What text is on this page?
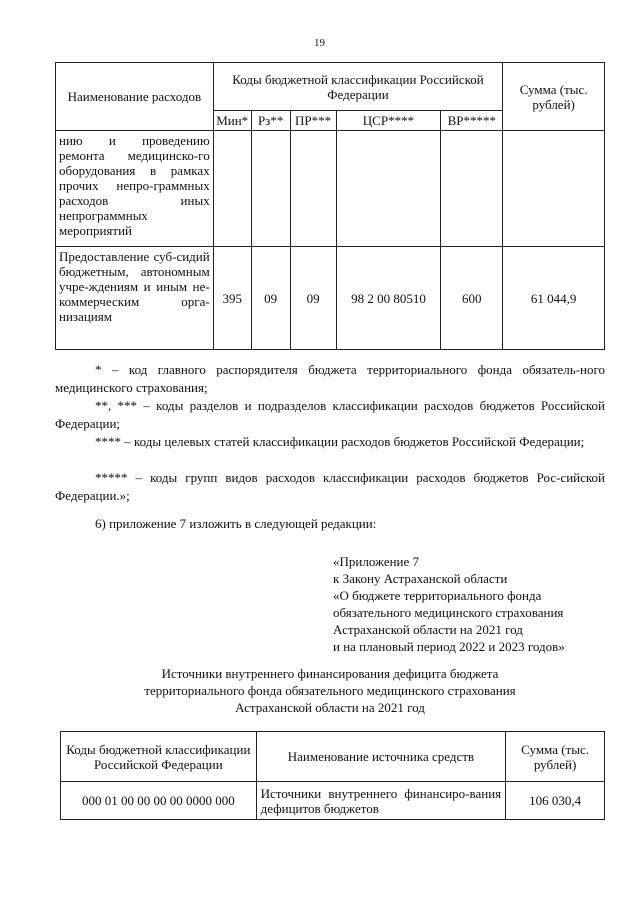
19
Наименование расходов	Коды бюджетной классификации Российской Федерации					Сумма (тыс. рублей)
	Мин*	Рз**	ПР***	ЦСР****	ВР*****	
нию и проведению ремонта медицинско-го оборудования в рамках прочих непро-граммных расходов иных непрограммных мероприятий						
Предоставление суб-сидий бюджетным, автономным учре-ждениям и иным не-коммерческим орга-низациям	395	09	09	98 2 00 80510	600	61 044,9
* – код главного распорядителя бюджета территориального фонда обязатель-ного медицинского страхования;
**, *** – коды разделов и подразделов классификации расходов бюджетов Российской Федерации;
**** – коды целевых статей классификации расходов бюджетов Российской Федерации;
***** – коды групп видов расходов классификации расходов бюджетов Рос-сийской Федерации.»;
6) приложение 7 изложить в следующей редакции:
«Приложение 7
к Закону Астраханской области
«О бюджете территориального фонда
обязательного медицинского страхования
Астраханской области на 2021 год
и на плановый период 2022 и 2023 годов»
Источники внутреннего финансирования дефицита бюджета
территориального фонда обязательного медицинского страхования
Астраханской области на 2021 год
Коды бюджетной классификации Российской Федерации	Наименование источника средств	Сумма (тыс. рублей)
000 01 00 00 00 00 0000 000	Источники внутреннего финансиро-вания дефицитов бюджетов	106 030,4
